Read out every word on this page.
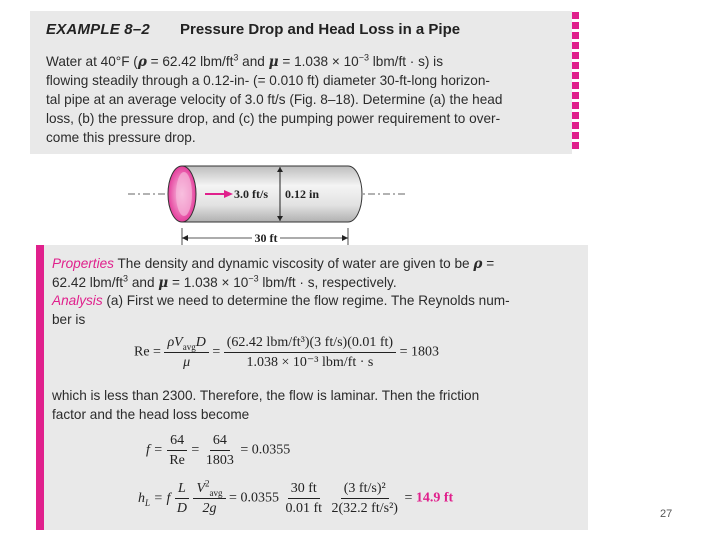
EXAMPLE 8–2 Pressure Drop and Head Loss in a Pipe
Water at 40°F (ρ = 62.42 lbm/$ft^3$ and $\mu = 1.038 \times 10^{-3}$ lbm/ft · s) is
flowing steadily through a 0.12-in- (= 0.010 ft) diameter 30-ft-long horizon-
tal pipe at an average velocity of 3.0 ft/s (Fig. 8–18). Determine (a) the head
loss, (b) the pressure drop, and (c) the pumping power requirement to over-
come this pressure drop.
3.0 ft/s 0.12 in
30 ft
Properties The density and dynamic viscosity of water are given to be ρ =
62.42 lbm/$ft^3$ and $\mu = 1.038 \times 10^{-3}$ lbm/ft · s, respectively.
Analysis (a) First we need to determine the flow regime. The Reynolds num-
ber is
$Re = \frac{\rho V_{avg}D}{\mu} = \frac{\text{(62.42 lbm/ft³)(3 ft/s)(0.01 ft)}}{\text{1.038 × 10⁻³ lbm/ft · s}} = 1803$
which is less than 2300. Therefore, the flow is laminar. Then the friction
factor and the head loss become
$f = \frac{64}{Re} = \frac{64}{1803} = 0.0355$
$h_L = f \frac{L}{D}$
$\frac{V^2_{avg}}{2g} = 0.0355 \frac{30 ft}{0.01 ft}$
$\frac{\text{(3 ft/s)²}}{\text{2(32.2 ft/s²)}} = 14.9$ ft
27
